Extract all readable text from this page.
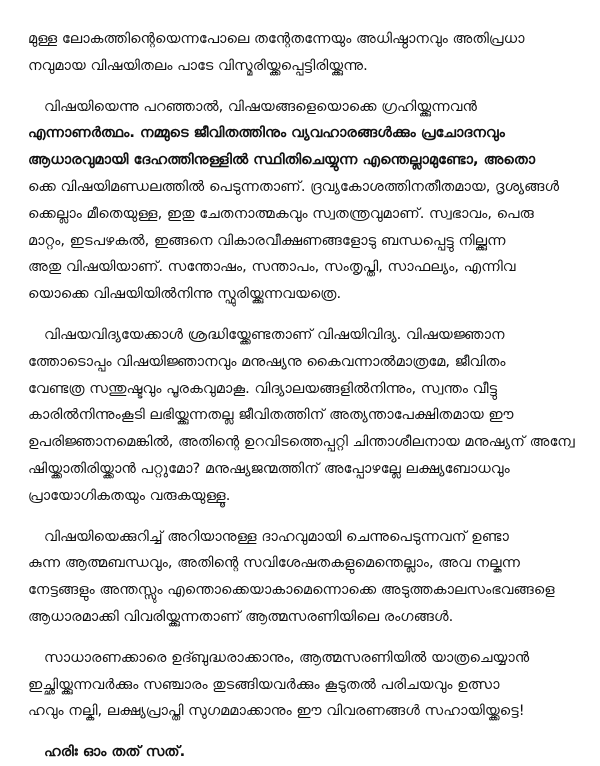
മുള്ള ലോകത്തിന്റെയെന്നപോലെ തന്റേതന്നേയും അധിഷ്ഠാനവും അതിപ്രധാ
നവുമായ വിഷയിതലം പാടേ വിസ്മരിയ്ക്കപ്പെട്ടിരിയ്ക്കുന്നു.

വിഷയിയെന്നു പറഞ്ഞാൽ, വിഷയങ്ങളെയൊക്കെ ഗ്രഹിയ്ക്കുന്നവൻ
എന്നാണർത്ഥം. നമ്മുടെ ജീവിതത്തിനും വ്യവഹാരങ്ങൾക്കും പ്രചോദനവും
ആധാരവുമായി ദേഹത്തിനുള്ളിൽ സ്ഥിതിചെയ്യുന്ന എന്തെല്ലാമുണ്ടോ, അതൊ
ക്കെ വിഷയിമണ്ഡലത്തിൽ പെടുന്നതാണ്. ദ്രവ്യകോശത്തിനതീതമായ, ദൃശ്യങ്ങൾ
ക്കെല്ലാം മീതെയുള്ള, ഇതു ചേതനാത്മകവും സ്വതന്ത്രവുമാണ്. സ്വഭാവം, പെരു
മാറ്റം, ഇടപഴകൽ, ഇങ്ങനെ വികാരവീക്ഷണങ്ങളോടു ബന്ധപ്പെട്ടു നില്ക്കുന്ന
അതു വിഷയിയാണ്. സന്തോഷം, സന്താപം, സംതൃപ്തി, സാഫല്യം, എന്നിവ
യൊക്കെ വിഷയിയിൽനിന്നു സ്ഫുരിയ്ക്കുന്നവയത്രെ.

വിഷയവിദ്യയേക്കാൾ ശ്രദ്ധിയ്ക്കേണ്ടതാണ് വിഷയിവിദ്യ. വിഷയജ്ഞാന
ത്തോടൊപ്പം വിഷയിജ്ഞാനവും മനുഷ്യനു കൈവന്നാൽമാത്രമേ, ജീവിതം
വേണ്ടത്ര സന്തുഷ്ടവും പൂരകവുമാകൂ. വിദ്യാലയങ്ങളിൽനിന്നും, സ്വന്തം വീട്ടു
കാരിൽനിന്നുംകൂടി ലഭിയ്ക്കുന്നതല്ല ജീവിതത്തിന് അത്യന്താപേക്ഷിതമായ ഈ
ഉപരിജ്ഞാനമെങ്കിൽ, അതിന്റെ ഉറവിടത്തെപ്പറ്റി ചിന്താശീലനായ മനുഷ്യന് അന്വേ
ഷിയ്ക്കാതിരിയ്ക്കാൻ പറ്റുമോ? മനുഷ്യജന്മത്തിന് അപ്പോഴല്ലേ ലക്ഷ്യബോധവും
പ്രായോഗികതയും വരുകയുള്ളൂ.

വിഷയിയെക്കുറിച്ച് അറിയാനുള്ള ദാഹവുമായി ചെന്നുപെടുന്നവന് ഉണ്ടാ
കുന്ന ആത്മബന്ധവും, അതിന്റെ സവിശേഷതകളുമെന്തെല്ലാം, അവ നല്കുന്ന
നേട്ടങ്ങളും അന്തസ്സും എന്തൊക്കെയാകാമെന്നൊക്കെ അടുത്തകാലസംഭവങ്ങളെ
ആധാരമാക്കി വിവരിയ്ക്കുന്നതാണ് ആത്മസരണിയിലെ രംഗങ്ങൾ.

സാധാരണക്കാരെ ഉദ്ബുദ്ധരാക്കാനും, ആത്മസരണിയിൽ യാത്രചെയ്യാൻ
ഇച്ഛിയ്ക്കുന്നവർക്കും സഞ്ചാരം തുടങ്ങിയവർക്കും കൂടുതൽ പരിചയവും ഉത്സാ
ഹവും നല്കി, ലക്ഷ്യപ്രാപ്തി സുഗമമാക്കാനും ഈ വിവരണങ്ങൾ സഹായിയ്ക്കട്ടെ!

ഹരിഃ ഓം തത് സത്.
